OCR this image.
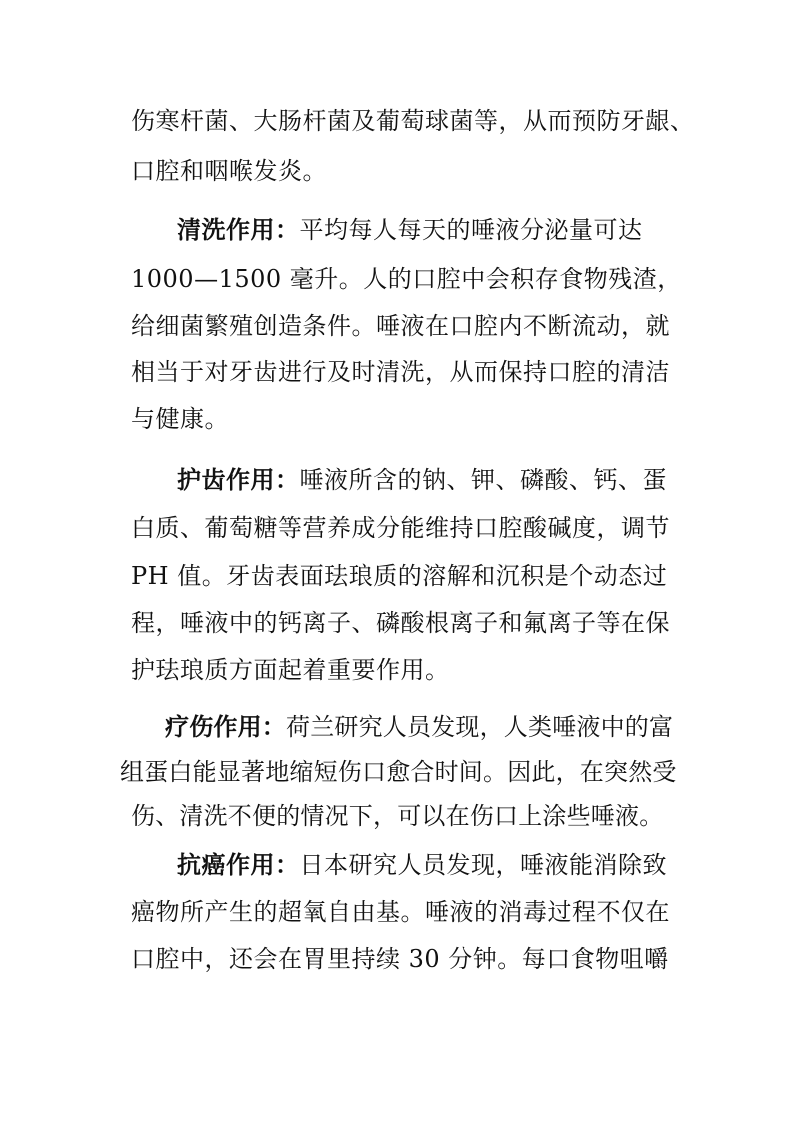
伤寒杆菌、大肠杆菌及葡萄球菌等，从而预防牙龈、
口腔和咽喉发炎。
清洗作用：平均每人每天的唾液分泌量可达
1000—1500 毫升。人的口腔中会积存食物残渣，
给细菌繁殖创造条件。唾液在口腔内不断流动，就
相当于对牙齿进行及时清洗，从而保持口腔的清洁
与健康。
护齿作用：唾液所含的钠、钾、磷酸、钙、蛋
白质、葡萄糖等营养成分能维持口腔酸碱度，调节
PH 值。牙齿表面珐琅质的溶解和沉积是个动态过
程，唾液中的钙离子、磷酸根离子和氟离子等在保
护珐琅质方面起着重要作用。
疗伤作用：荷兰研究人员发现，人类唾液中的富
组蛋白能显著地缩短伤口愈合时间。因此，在突然受
伤、清洗不便的情况下，可以在伤口上涂些唾液。
抗癌作用：日本研究人员发现，唾液能消除致
癌物所产生的超氧自由基。唾液的消毒过程不仅在
口腔中，还会在胃里持续 30 分钟。每口食物咀嚼
